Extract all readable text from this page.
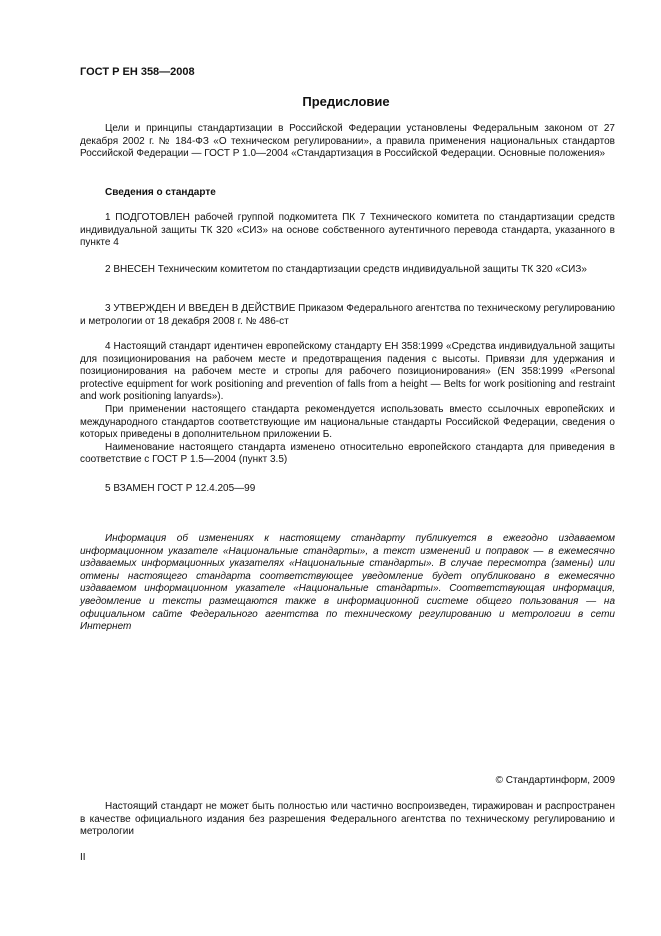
ГОСТ Р ЕН 358—2008
Предисловие

Цели и принципы стандартизации в Российской Федерации установлены Федеральным законом от 27 декабря 2002 г. № 184-ФЗ «О техническом регулировании», а правила применения национальных стандартов Российской Федерации — ГОСТ Р 1.0—2004 «Стандартизация в Российской Федерации. Основные положения»

Сведения о стандарте

1 ПОДГОТОВЛЕН рабочей группой подкомитета ПК 7 Технического комитета по стандартизации средств индивидуальной защиты ТК 320 «СИЗ» на основе собственного аутентичного перевода стандарта, указанного в пункте 4

2 ВНЕСЕН Техническим комитетом по стандартизации средств индивидуальной защиты ТК 320 «СИЗ»

3 УТВЕРЖДЕН И ВВЕДЕН В ДЕЙСТВИЕ Приказом Федерального агентства по техническому регулированию и метрологии от 18 декабря 2008 г. № 486-ст

4 Настоящий стандарт идентичен европейскому стандарту ЕН 358:1999 «Средства индивидуальной защиты для позиционирования на рабочем месте и предотвращения падения с высоты. Привязи для удержания и позиционирования на рабочем месте и стропы для рабочего позиционирования» (EN 358:1999 «Personal protective equipment for work positioning and prevention of falls from a height — Belts for work positioning and restraint and work positioning lanyards»).

При применении настоящего стандарта рекомендуется использовать вместо ссылочных европейских и международного стандартов соответствующие им национальные стандарты Российской Федерации, сведения о которых приведены в дополнительном приложении Б.

Наименование настоящего стандарта изменено относительно европейского стандарта для приведения в соответствие с ГОСТ Р 1.5—2004 (пункт 3.5)

5 ВЗАМЕН ГОСТ Р 12.4.205—99

Информация об изменениях к настоящему стандарту публикуется в ежегодно издаваемом информационном указателе «Национальные стандарты», а текст изменений и поправок — в ежемесячно издаваемых информационных указателях «Национальные стандарты». В случае пересмотра (замены) или отмены настоящего стандарта соответствующее уведомление будет опубликовано в ежемесячно издаваемом информационном указателе «Национальные стандарты». Соответствующая информация, уведомление и тексты размещаются также в информационной системе общего пользования — на официальном сайте Федерального агентства по техническому регулированию и метрологии в сети Интернет

© Стандартинформ, 2009

Настоящий стандарт не может быть полностью или частично воспроизведен, тиражирован и распространен в качестве официального издания без разрешения Федерального агентства по техническому регулированию и метрологии

II
